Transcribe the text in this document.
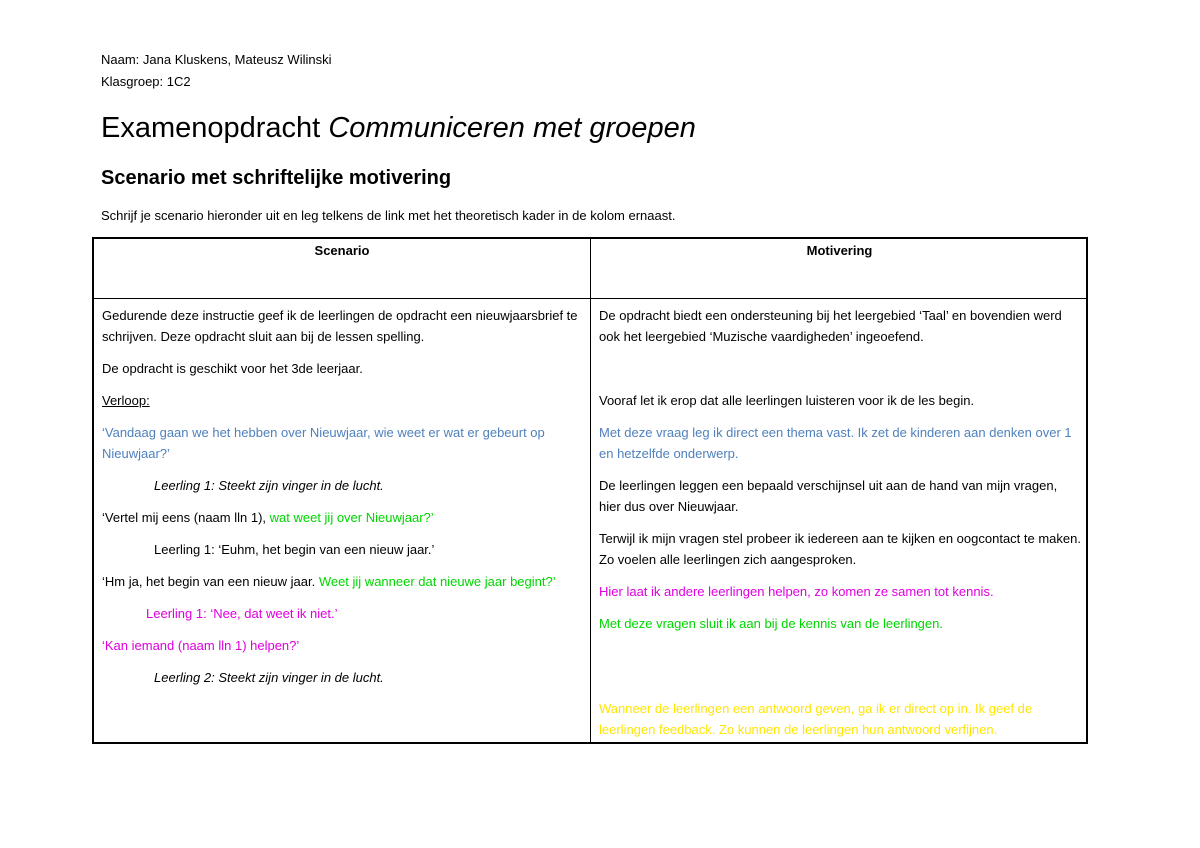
Naam: Jana Kluskens, Mateusz Wilinski
Klasgroep: 1C2
Examenopdracht Communiceren met groepen
Scenario met schriftelijke motivering
Schrijf je scenario hieronder uit en leg telkens de link met het theoretisch kader in de kolom ernaast.
Scenario	Motivering

Gedurende deze instructie geef ik de leerlingen de opdracht een nieuwjaarsbrief te schrijven. Deze opdracht sluit aan bij de lessen spelling.

De opdracht is geschikt voor het 3de leerjaar.

Verloop:

‘Vandaag gaan we het hebben over Nieuwjaar, wie weet er wat er gebeurt op Nieuwjaar?’

Leerling 1: Steekt zijn vinger in de lucht.

‘Vertel mij eens (naam lln 1), wat weet jij over Nieuwjaar?’

Leerling 1: ‘Euhm, het begin van een nieuw jaar.’

‘Hm ja, het begin van een nieuw jaar. Weet jij wanneer dat nieuwe jaar begint?’

Leerling 1: ‘Nee, dat weet ik niet.’

‘Kan iemand (naam lln 1) helpen?’

Leerling 2: Steekt zijn vinger in de lucht.

De opdracht biedt een ondersteuning bij het leergebied ‘Taal’ en bovendien werd ook het leergebied ‘Muzische vaardigheden’ ingeoefend.

Vooraf let ik erop dat alle leerlingen luisteren voor ik de les begin.

Met deze vraag leg ik direct een thema vast. Ik zet de kinderen aan denken over 1 en hetzelfde onderwerp.

De leerlingen leggen een bepaald verschijnsel uit aan de hand van mijn vragen, hier dus over Nieuwjaar.

Terwijl ik mijn vragen stel probeer ik iedereen aan te kijken en oogcontact te maken. Zo voelen alle leerlingen zich aangesproken.

Hier laat ik andere leerlingen helpen, zo komen ze samen tot kennis.

Met deze vragen sluit ik aan bij de kennis van de leerlingen.

Wanneer de leerlingen een antwoord geven, ga ik er direct op in. Ik geef de leerlingen feedback. Zo kunnen de leerlingen hun antwoord verfijnen.
